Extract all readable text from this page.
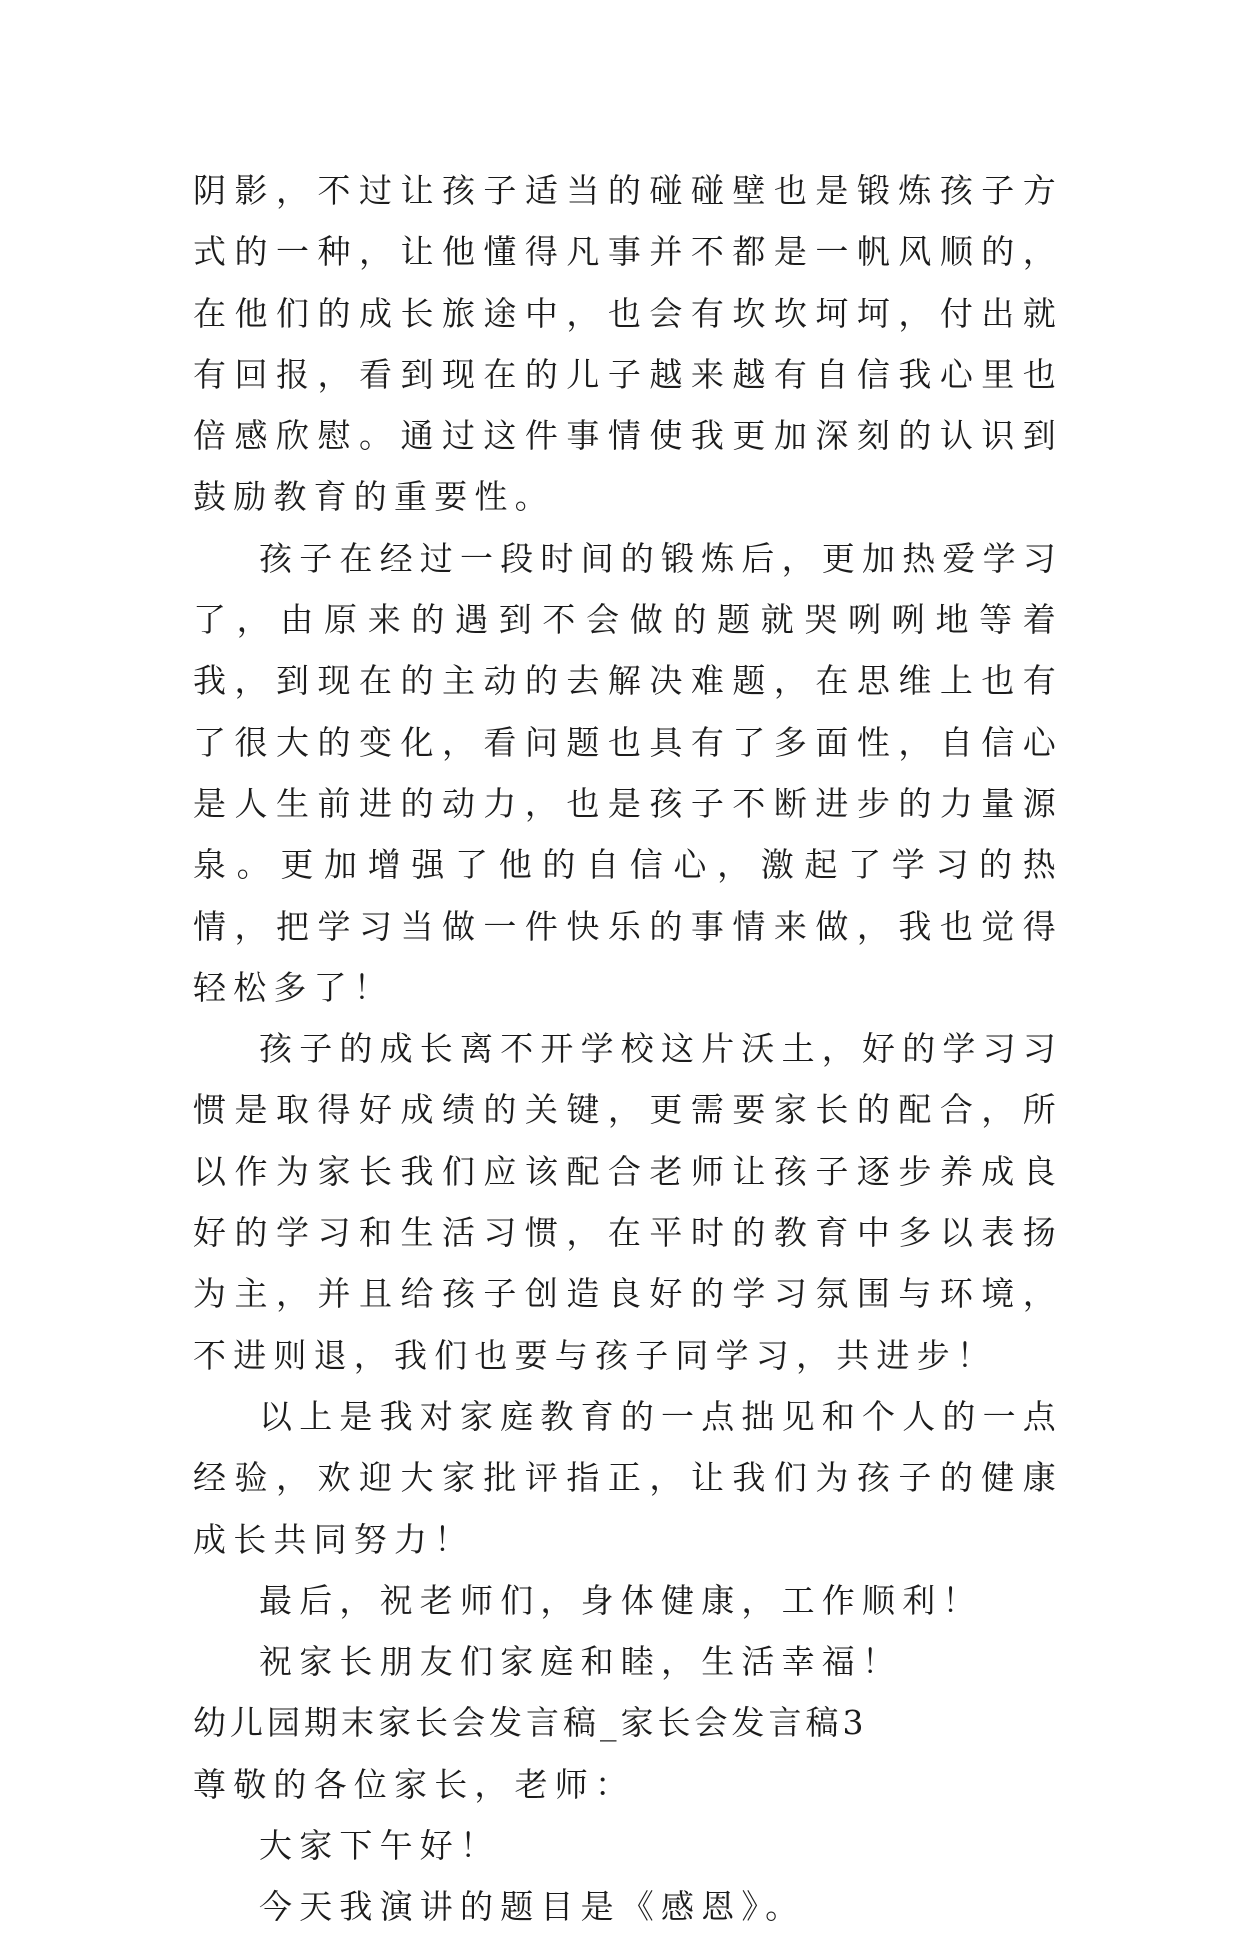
阴影，不过让孩子适当的碰碰壁也是锻炼孩子方式的一种，让他懂得凡事并不都是一帆风顺的，在他们的成长旅途中，也会有坎坎坷坷，付出就有回报，看到现在的儿子越来越有自信我心里也倍感欣慰。通过这件事情使我更加深刻的认识到鼓励教育的重要性。

孩子在经过一段时间的锻炼后，更加热爱学习了，由原来的遇到不会做的题就哭咧咧地等着我，到现在的主动的去解决难题，在思维上也有了很大的变化，看问题也具有了多面性，自信心是人生前进的动力，也是孩子不断进步的力量源泉。更加增强了他的自信心，激起了学习的热情，把学习当做一件快乐的事情来做，我也觉得轻松多了！

孩子的成长离不开学校这片沃土，好的学习习惯是取得好成绩的关键，更需要家长的配合，所以作为家长我们应该配合老师让孩子逐步养成良好的学习和生活习惯，在平时的教育中多以表扬为主，并且给孩子创造良好的学习氛围与环境，不进则退，我们也要与孩子同学习，共进步！

以上是我对家庭教育的一点拙见和个人的一点经验，欢迎大家批评指正，让我们为孩子的健康成长共同努力！

最后，祝老师们，身体健康，工作顺利！

祝家长朋友们家庭和睦，生活幸福！

幼儿园期末家长会发言稿_家长会发言稿3

尊敬的各位家长，老师：

大家下午好！

今天我演讲的题目是《感恩》。
